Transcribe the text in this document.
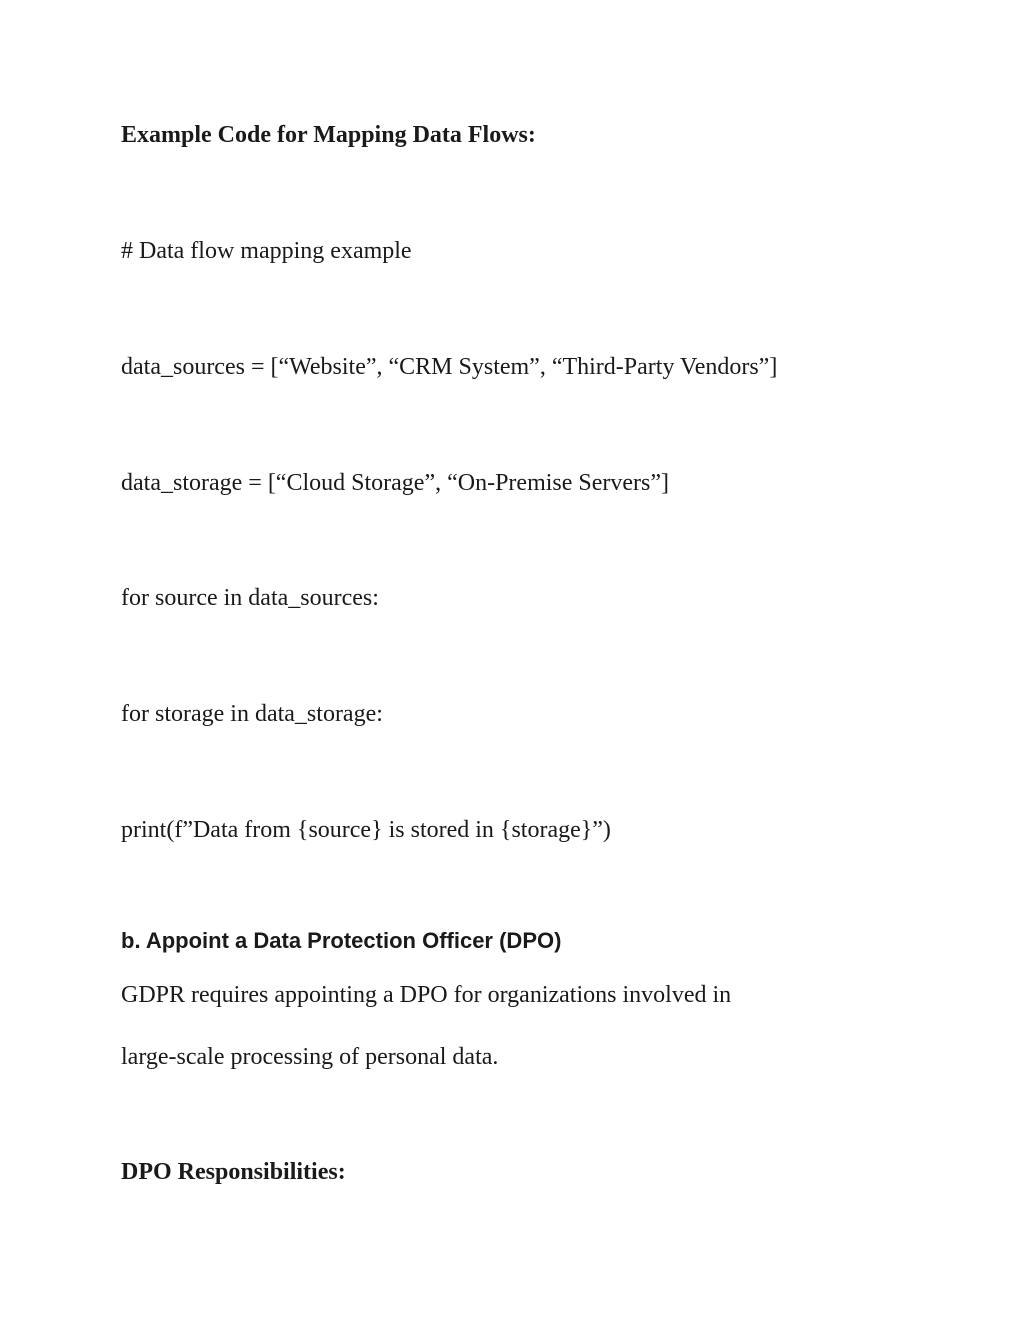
Example Code for Mapping Data Flows:

# Data flow mapping example

data_sources = [“Website”, “CRM System”, “Third-Party Vendors”]

data_storage = [“Cloud Storage”, “On-Premise Servers”]

for source in data_sources:

for storage in data_storage:

print(f”Data from {source} is stored in {storage}”)

b. Appoint a Data Protection Officer (DPO)

GDPR requires appointing a DPO for organizations involved in

large-scale processing of personal data.

DPO Responsibilities:
